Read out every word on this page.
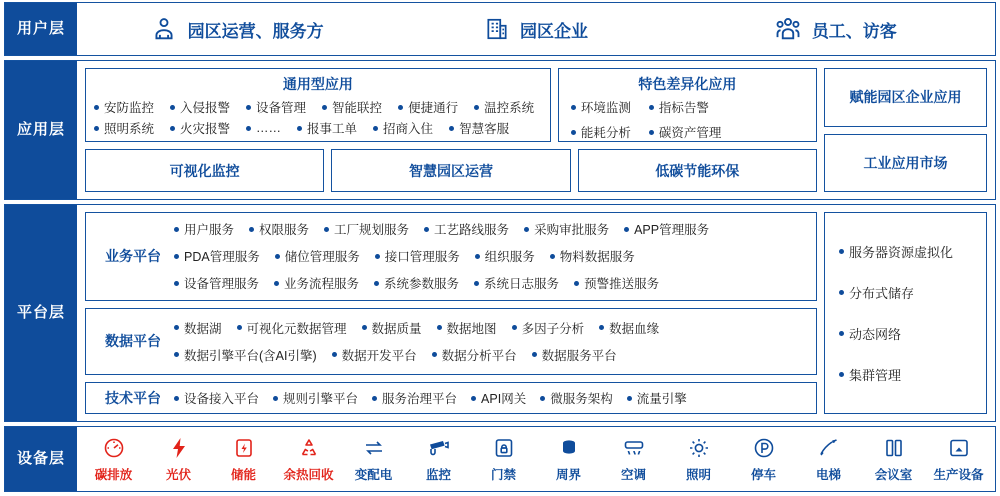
用户层	园区运营、服务方	园区企业	员工、访客
应用层
通用型应用
安防监控	入侵报警	设备管理	智能联控	便捷通行	温控系统
照明系统	火灾报警	……	报事工单	招商入住	智慧客服
特色差异化应用
环境监测	指标告警
能耗分析	碳资产管理
可视化监控	智慧园区运营	低碳节能环保
赋能园区企业应用
工业应用市场
平台层
业务平台
用户服务	权限服务	工厂规划服务	工艺路线服务	采购审批服务	APP管理服务
PDA管理服务	储位管理服务	接口管理服务	组织服务	物料数据服务
设备管理服务	业务流程服务	系统参数服务	系统日志服务	预警推送服务
数据平台
数据湖	可视化元数据管理	数据质量	数据地图	多因子分析	数据血缘
数据引擎平台(含AI引擎)	数据开发平台	数据分析平台	数据服务平台
技术平台	设备接入平台	规则引擎平台	服务治理平台	API网关	微服务架构	流量引擎
服务器资源虚拟化
分布式储存
动态网络
集群管理
设备层
碳排放	光伏	储能 余热回收 变配电	监控	门禁	周界	空调	照明	停车	电梯	会议室 生产设备
